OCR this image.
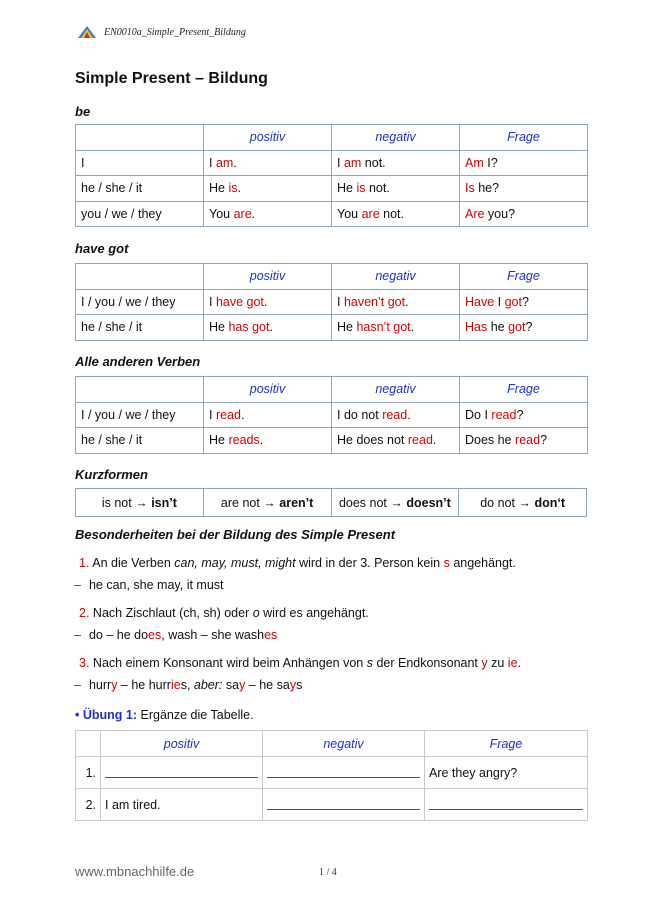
EN0010a_Simple_Present_Bildung
Simple Present – Bildung
be
	positiv	negativ	Frage
I	I am.	I am not.	Am I?
he / she / it	He is.	He is not.	Is he?
you / we / they	You are.	You are not.	Are you?
have got
	positiv	negativ	Frage
I / you / we / they	I have got.	I haven’t got.	Have I got?
he / she / it	He has got.	He hasn’t got.	Has he got?
Alle anderen Verben
	positiv	negativ	Frage
I / you / we / they	I read.	I do not read.	Do I read?
he / she / it	He reads.	He does not read.	Does he read?
Kurzformen
is not → isn’t	are not → aren’t	does not → doesn’t	do not → don‘t
Besonderheiten bei der Bildung des Simple Present
1. An die Verben can, may, must, might wird in der 3. Person kein s angehängt.
– he can, she may, it must
2. Nach Zischlaut (ch, sh) oder o wird es angehängt.
– do – he does, wash – she washes
3. Nach einem Konsonant wird beim Anhängen von s der Endkonsonant y zu ie.
– hurry – he hurries, aber: say – he says
• Übung 1: Ergänze die Tabelle.
	positiv	negativ	Frage
1.			Are they angry?
2.	I am tired.	

www.mbnachhilfe.de	1 / 4
